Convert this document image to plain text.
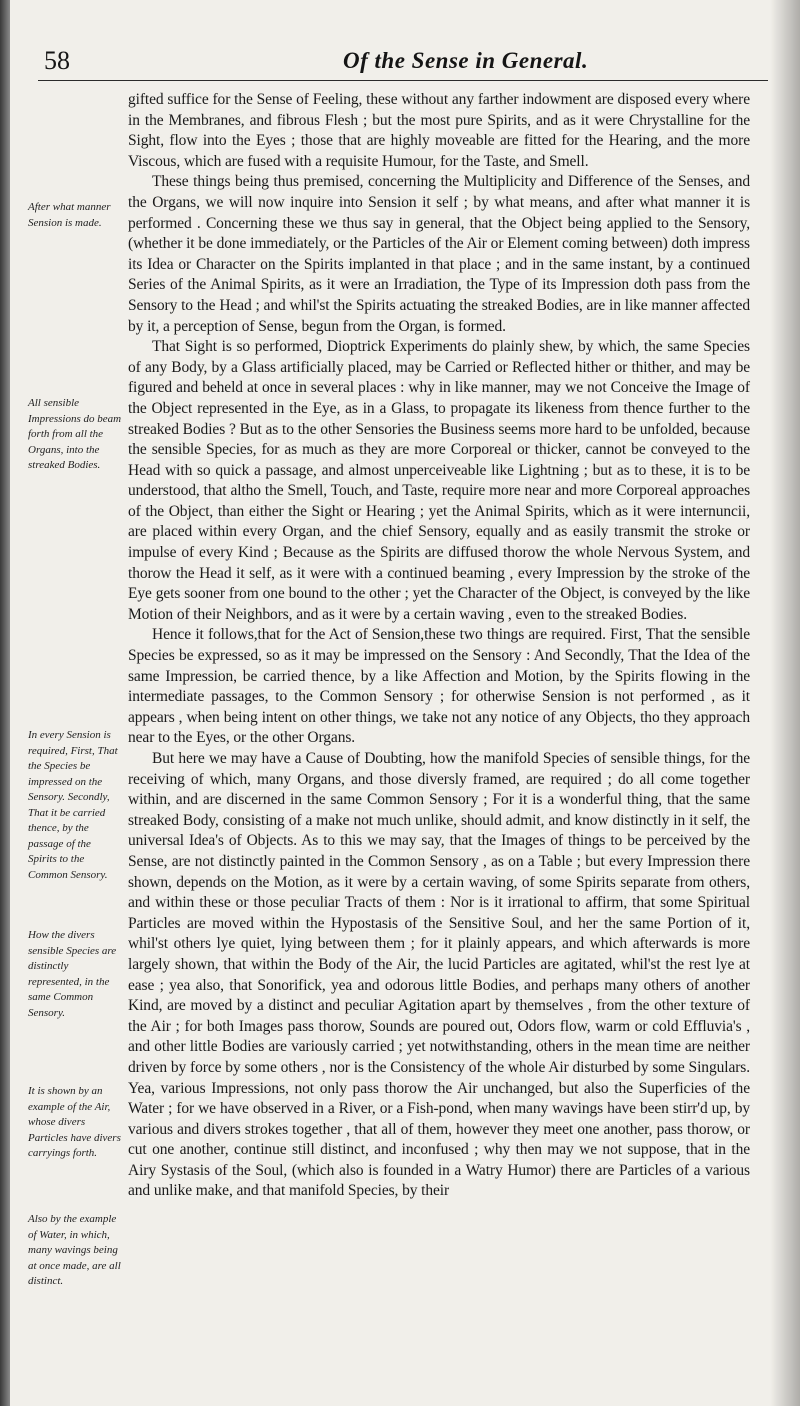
58	Of the Sense in General.
After what manner Sension is made.
All sensible Impressions do beam forth from all the Organs, into the streaked Bodies.
In every Sension is required, First, That the Species be impressed on the Sensory. Secondly, That it be carried thence, by the passage of the Spirits to the Common Sensory.
How the divers sensible Species are distinctly represented, in the same Common Sensory.
It is shown by an example of the Air, whose divers Particles have divers carryings forth.
Also by the example of Water, in which, many wavings being at once made, are all distinct.

gifted suffice for the Sense of Feeling, these without any farther indowment are disposed every where in the Membranes, and fibrous Flesh ; but the most pure Spirits, and as it were Chrystalline for the Sight, flow into the Eyes ; those that are highly moveable are fitted for the Hearing, and the more Viscous, which are fused with a requisite Humour, for the Taste, and Smell.

These things being thus premised, concerning the Multiplicity and Difference of the Senses, and the Organs, we will now inquire into Sension it self ; by what means, and after what manner it is performed . Concerning these we thus say in general, that the Object being applied to the Sensory, (whether it be done immediately, or the Particles of the Air or Element coming between) doth impress its Idea or Character on the Spirits implanted in that place ; and in the same instant, by a continued Series of the Animal Spirits, as it were an Irradiation, the Type of its Impression doth pass from the Sensory to the Head ; and whil'st the Spirits actuating the streaked Bodies, are in like manner affected by it, a perception of Sense, begun from the Organ, is formed.

That Sight is so performed, Dioptrick Experiments do plainly shew, by which, the same Species of any Body, by a Glass artificially placed, may be Carried or Reflected hither or thither, and may be figured and beheld at once in several places : why in like manner, may we not Conceive the Image of the Object represented in the Eye, as in a Glass, to propagate its likeness from thence further to the streaked Bodies ? But as to the other Sensories the Business seems more hard to be unfolded, because the sensible Species, for as much as they are more Corporeal or thicker, cannot be conveyed to the Head with so quick a passage, and almost unperceiveable like Lightning ; but as to these, it is to be understood, that altho the Smell, Touch, and Taste, require more near and more Corporeal approaches of the Object, than either the Sight or Hearing ; yet the Animal Spirits, which as it were internuncii, are placed within every Organ, and the chief Sensory, equally and as easily transmit the stroke or impulse of every Kind ; Because as the Spirits are diffused thorow the whole Nervous System, and thorow the Head it self, as it were with a continued beaming , every Impression by the stroke of the Eye gets sooner from one bound to the other ; yet the Character of the Object, is conveyed by the like Motion of their Neighbors, and as it were by a certain waving , even to the streaked Bodies.

Hence it follows,that for the Act of Sension,these two things are required. First, That the sensible Species be expressed, so as it may be impressed on the Sensory : And Secondly, That the Idea of the same Impression, be carried thence, by a like Affection and Motion, by the Spirits flowing in the intermediate passages, to the Common Sensory ; for otherwise Sension is not performed , as it appears , when being intent on other things, we take not any notice of any Objects, tho they approach near to the Eyes, or the other Organs.

But here we may have a Cause of Doubting, how the manifold Species of sensible things, for the receiving of which, many Organs, and those diversly framed, are required ; do all come together within, and are discerned in the same Common Sensory ; For it is a wonderful thing, that the same streaked Body, consisting of a make not much unlike, should admit, and know distinctly in it self, the universal Idea's of Objects. As to this we may say, that the Images of things to be perceived by the Sense, are not distinctly painted in the Common Sensory , as on a Table ; but every Impression there shown, depends on the Motion, as it were by a certain waving, of some Spirits separate from others, and within these or those peculiar Tracts of them : Nor is it irrational to affirm, that some Spiritual Particles are moved within the Hypostasis of the Sensitive Soul, and her the same Portion of it, whil'st others lye quiet, lying between them ; for it plainly appears, and which afterwards is more largely shown, that within the Body of the Air, the lucid Particles are agitated, whil'st the rest lye at ease ; yea also, that Sonorifick, yea and odorous little Bodies, and perhaps many others of another Kind, are moved by a distinct and peculiar Agitation apart by themselves , from the other texture of the Air ; for both Images pass thorow, Sounds are poured out, Odors flow, warm or cold Effluvia's , and other little Bodies are variously carried ; yet notwithstanding, others in the mean time are neither driven by force by some others , nor is the Consistency of the whole Air disturbed by some Singulars. Yea, various Impressions, not only pass thorow the Air unchanged, but also the Superficies of the Water ; for we have observed in a River, or a Fish-pond, when many wavings have been stirr'd up, by various and divers strokes together , that all of them, however they meet one another, pass thorow, or cut one another, continue still distinct, and inconfused ; why then may we not suppose, that in the Airy Systasis of the Soul, (which also is founded in a Watry Humor) there are Particles of a various and unlike make, and that manifold Species, by their
